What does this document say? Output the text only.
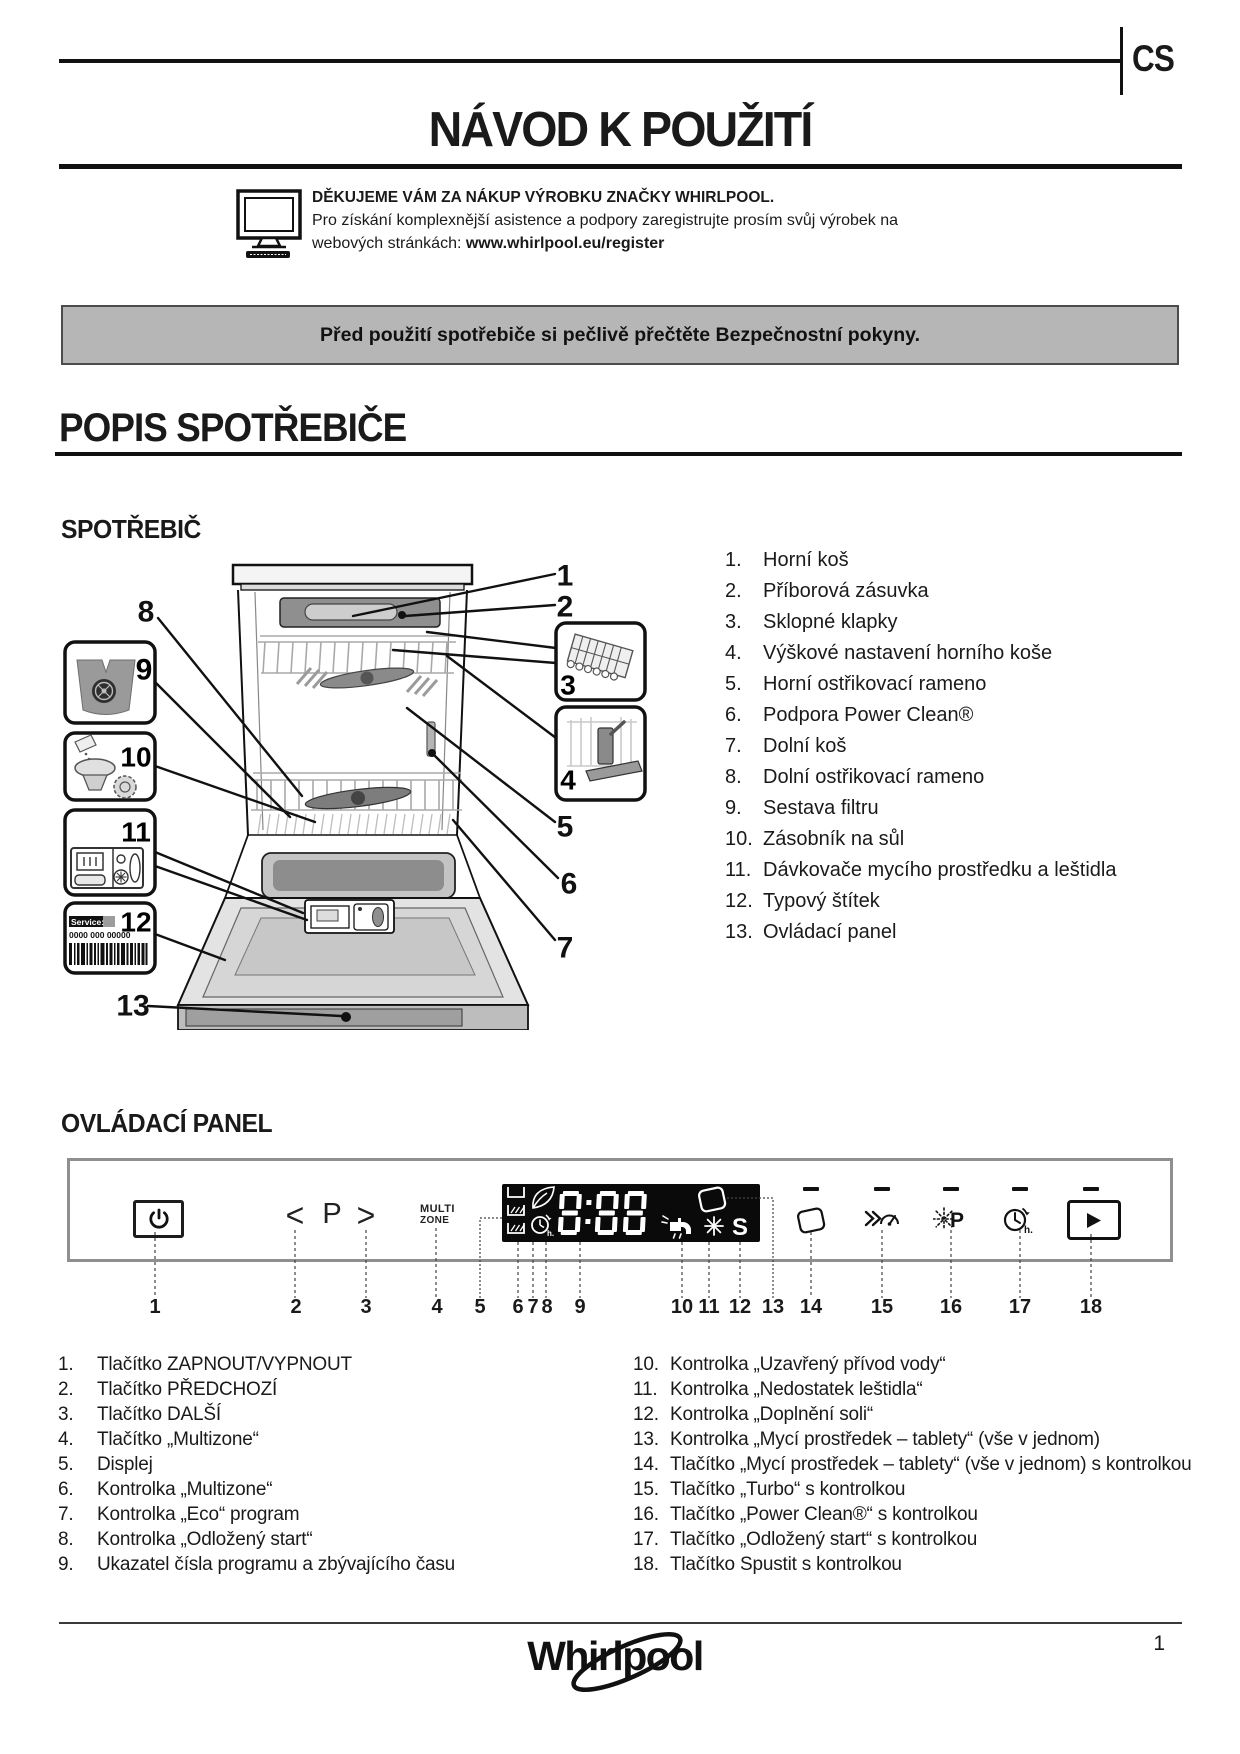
CS
NÁVOD K POUŽITÍ
DĚKUJEME VÁM ZA NÁKUP VÝROBKU ZNAČKY WHIRLPOOL.
Pro získání komplexnější asistence a podpory zaregistrujte prosím svůj výrobek na
webových stránkách: www.whirlpool.eu/register
Před použití spotřebiče si pečlivě přečtěte Bezpečnostní pokyny.
POPIS SPOTŘEBIČE
SPOTŘEBIČ
9
10
11
Service:
0000 000 00000
12
3
4
1
2
5
6
7
8
13
1.	Horní koš
2.	Příborová zásuvka
3.	Sklopné klapky
4.	Výškové nastavení horního koše
5.	Horní ostřikovací rameno
6.	Podpora Power Clean®
7.	Dolní koš
8.	Dolní ostřikovací rameno
9.	Sestava filtru
10. Zásobník na sůl
11. Dávkovače mycího prostředku a leštidla
12. Typový štítek
13. Ovládací panel
OVLÁDACÍ PANEL
< P >	MULTI
ZONE
h.	S	P	h.
1	2	3	4 5 6 7 8 9	10 11 12 13 14 15 16 17 18
1.	Tlačítko ZAPNOUT/VYPNOUT
2.	Tlačítko PŘEDCHOZÍ
3.	Tlačítko DALŠÍ
4.	Tlačítko „Multizone“
5.	Displej
6.	Kontrolka „Multizone“
7.	Kontrolka „Eco“ program
8.	Kontrolka „Odložený start“
9.	Ukazatel čísla programu a zbývajícího času
10. Kontrolka „Uzavřený přívod vody“
11. Kontrolka „Nedostatek leštidla“
12. Kontrolka „Doplnění soli“
13. Kontrolka „Mycí prostředek – tablety“ (vše v jednom)
14. Tlačítko „Mycí prostředek – tablety“ (vše v jednom) s kontrolkou
15. Tlačítko „Turbo“ s kontrolkou
16. Tlačítko „Power Clean®“ s kontrolkou
17. Tlačítko „Odložený start“ s kontrolkou
18. Tlačítko Spustit s kontrolkou
Whirlpool	1
